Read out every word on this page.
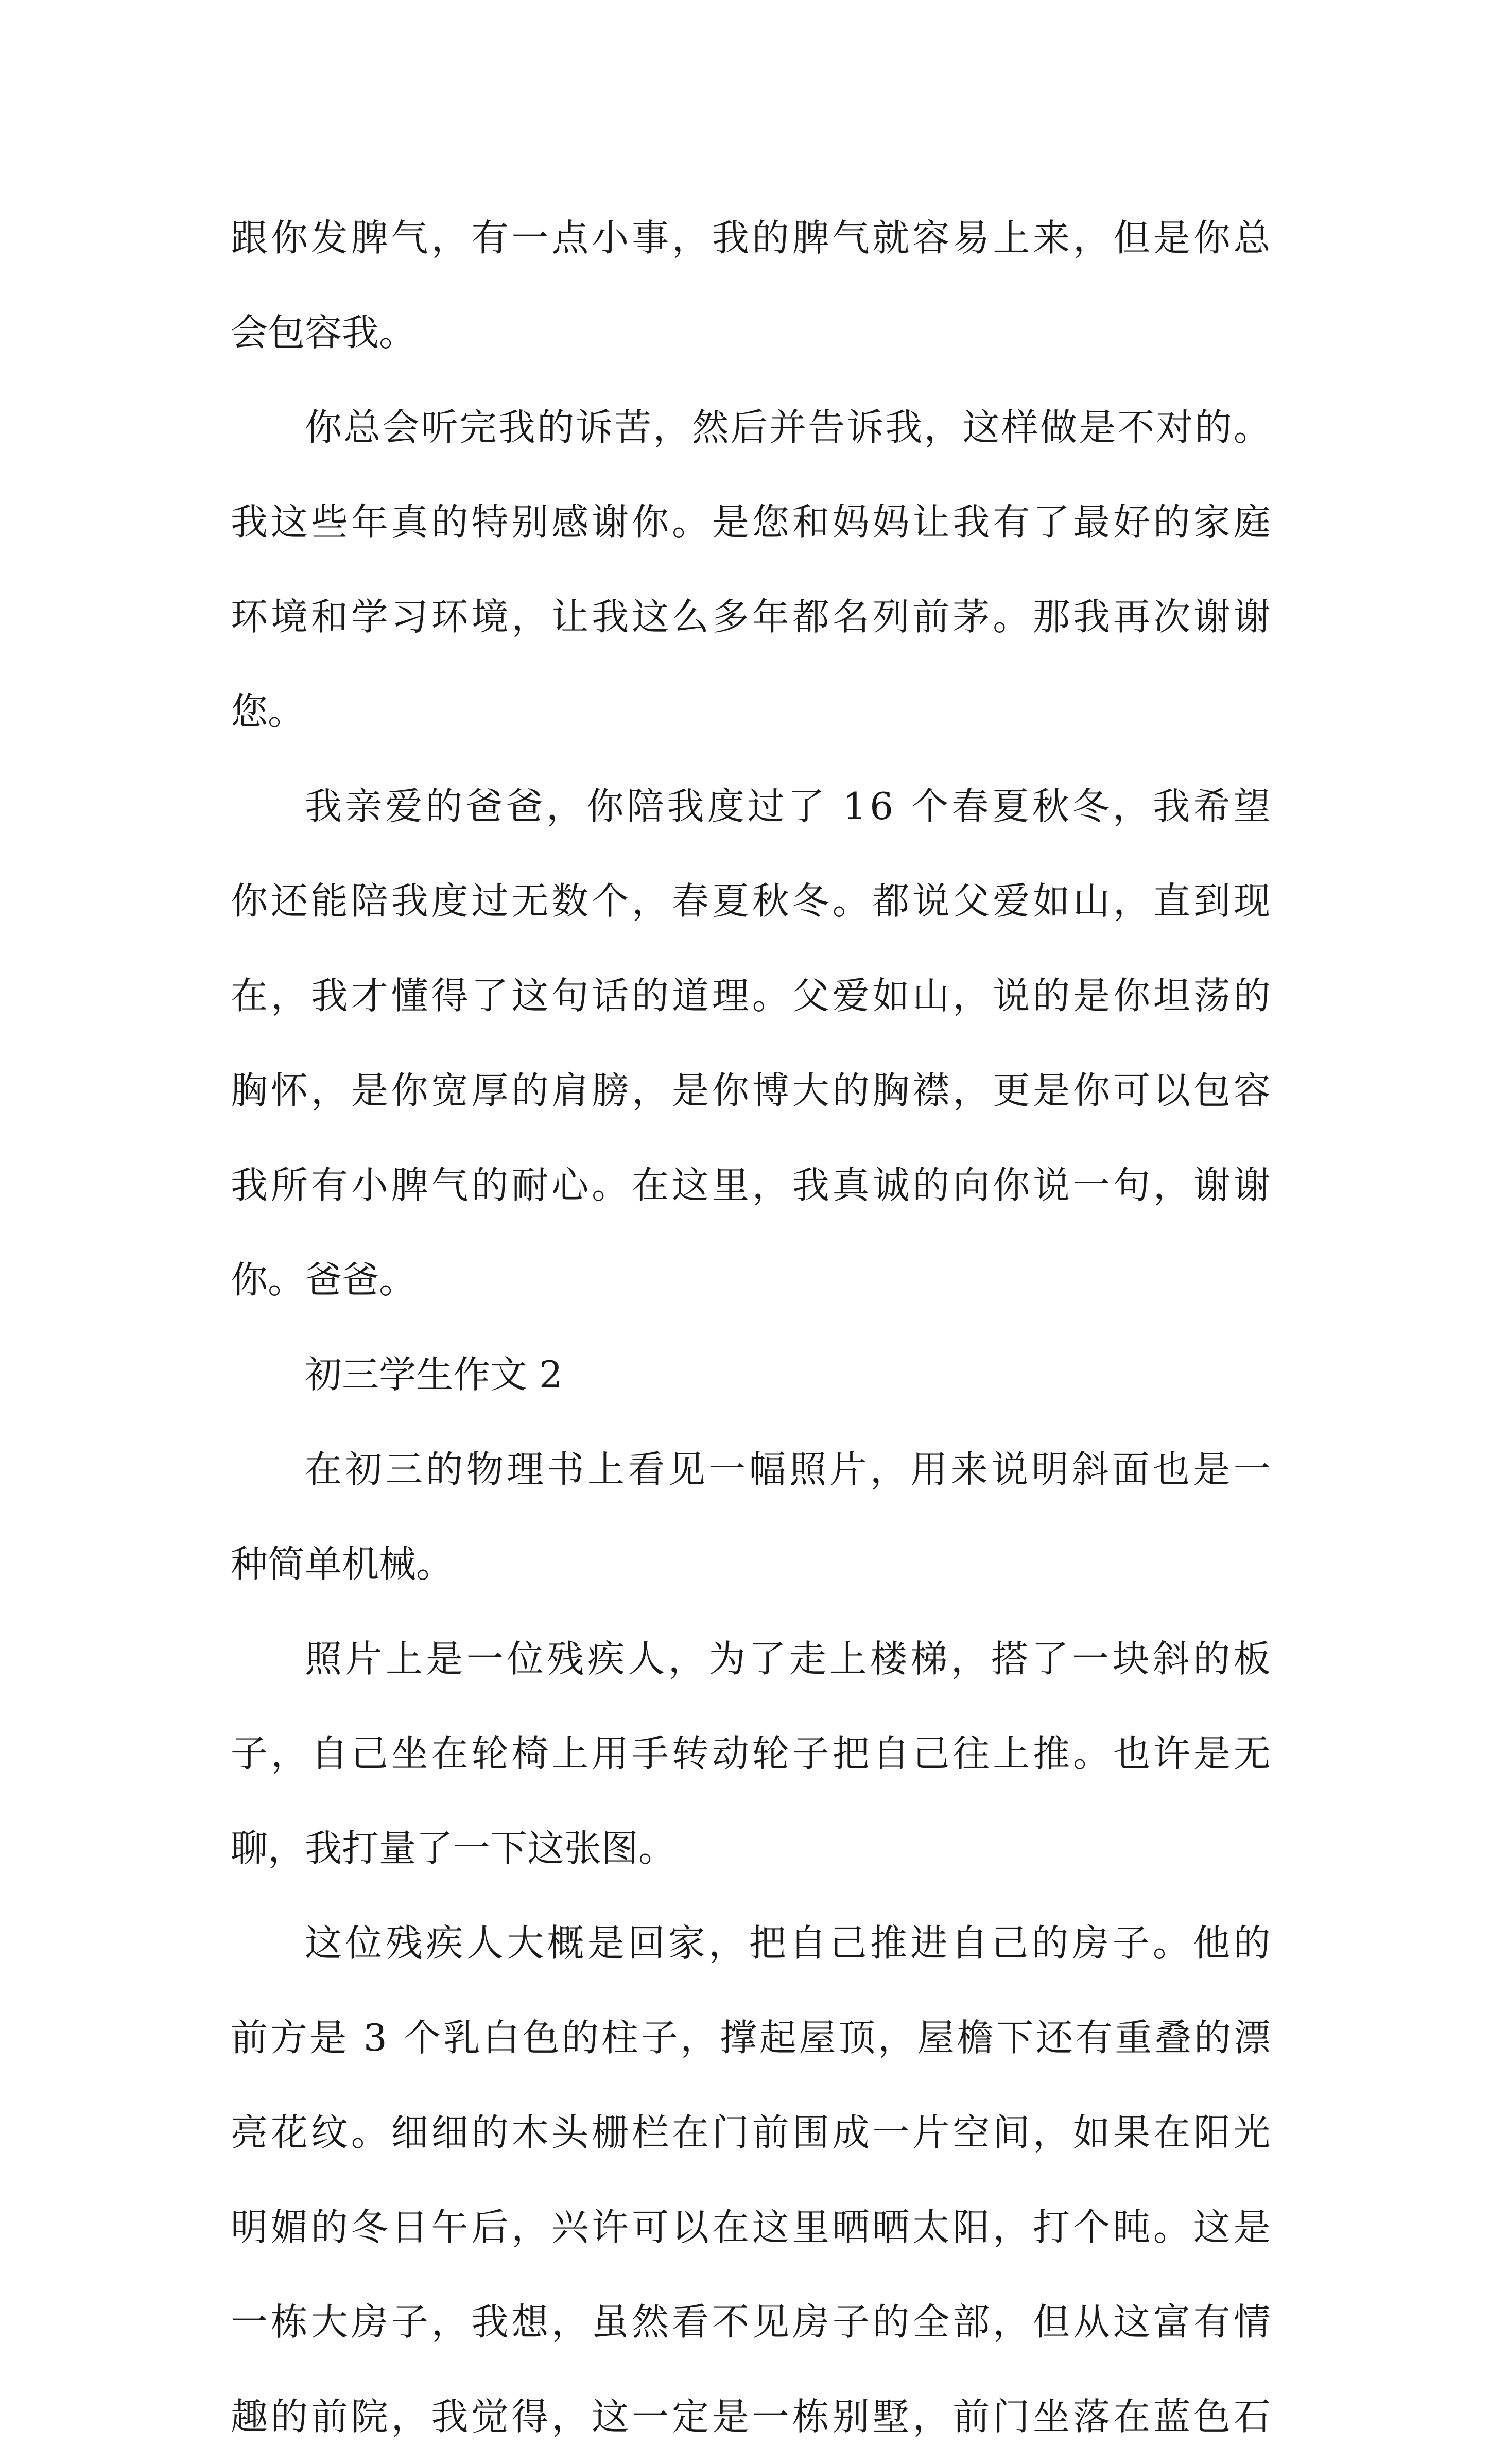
跟 你 发 脾 气 ， 有 一 点 小 事 ， 我 的 脾 气 就 容 易 上 来 ， 但 是 你 总
会包容我。
你 总 会 听 完 我 的 诉 苦 ， 然 后 并 告 诉 我 ， 这 样 做 是 不 对 的 。
我 这 些 年 真 的 特 别 感 谢 你 。 是 您 和 妈 妈 让 我 有 了 最 好 的 家 庭
环 境 和 学 习 环 境 ， 让 我 这 么 多 年 都 名 列 前 茅 。 那 我 再 次 谢 谢
您。
我 亲 爱 的 爸 爸 ， 你 陪 我 度 过 了
1 6
个 春 夏 秋 冬 ， 我 希 望
你 还 能 陪 我 度 过 无 数 个 ， 春 夏 秋 冬 。 都 说 父 爱 如 山 ， 直 到 现
在 ， 我 才 懂 得 了 这 句 话 的 道 理 。 父 爱 如 山 ， 说 的 是 你 坦 荡 的
胸 怀 ， 是 你 宽 厚 的 肩 膀 ， 是 你 博 大 的 胸 襟 ， 更 是 你 可 以 包 容
我 所 有 小 脾 气 的 耐 心 。 在 这 里 ， 我 真 诚 的 向 你 说 一 句 ， 谢 谢
你。爸爸。
初三学生作文 2
在 初 三 的 物 理 书 上 看 见 一 幅 照 片 ， 用 来 说 明 斜 面 也 是 一
种简单机械。
照 片 上 是 一 位 残 疾 人 ， 为 了 走 上 楼 梯 ， 搭 了 一 块 斜 的 板
子 ， 自 己 坐 在 轮 椅 上 用 手 转 动 轮 子 把 自 己 往 上 推 。 也 许 是 无
聊，我打量了一下这张图。
这 位 残 疾 人 大 概 是 回 家 ， 把 自 己 推 进 自 己 的 房 子 。 他 的
前 方 是
3
个 乳 白 色 的 柱 子 ， 撑 起 屋 顶 ， 屋 檐 下 还 有 重 叠 的 漂
亮 花 纹 。 细 细 的 木 头 栅 栏 在 门 前 围 成 一 片 空 间 ， 如 果 在 阳 光
明 媚 的 冬 日 午 后 ， 兴 许 可 以 在 这 里 晒 晒 太 阳 ， 打 个 盹 。 这 是
一 栋 大 房 子 ， 我 想 ， 虽 然 看 不 见 房 子 的 全 部 ， 但 从 这 富 有 情
趣 的 前 院 ， 我 觉 得 ， 这 一 定 是 一 栋 别 墅 ， 前 门 坐 落 在 蓝 色 石
